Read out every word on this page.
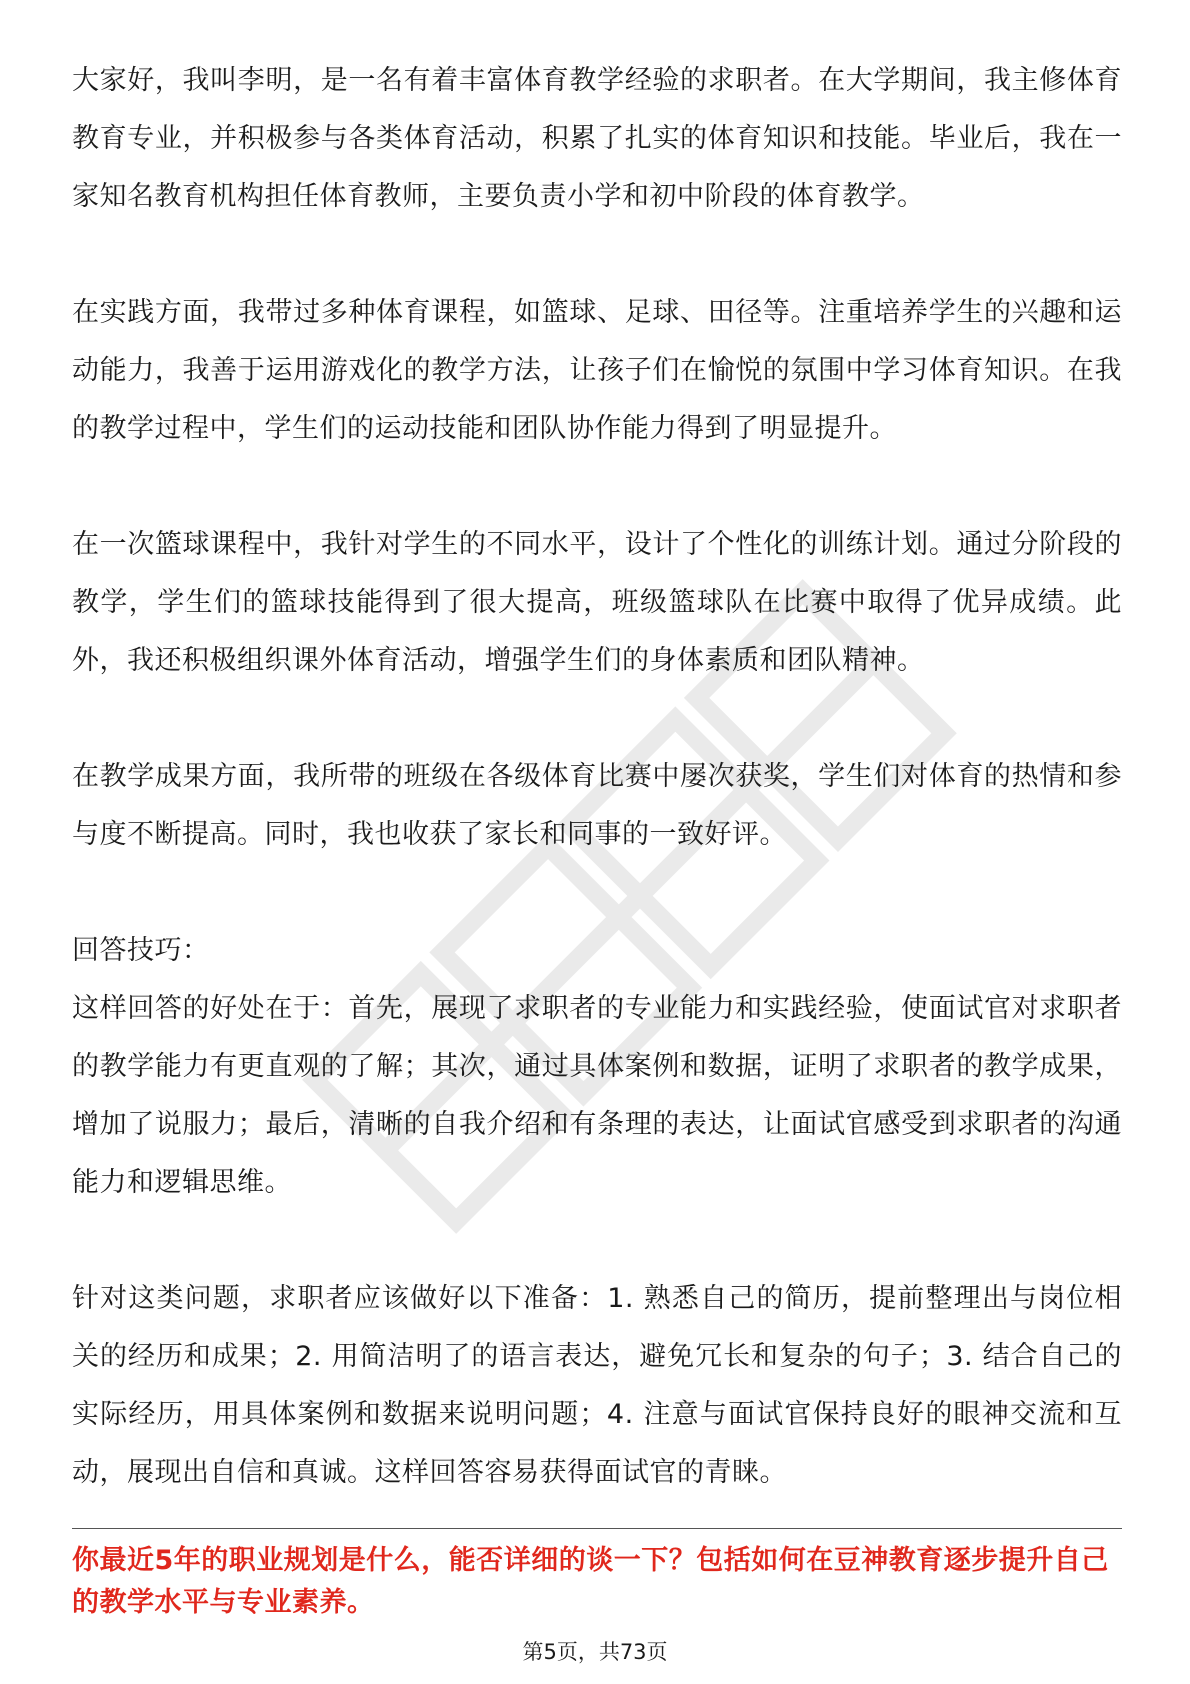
大家好，我叫李明，是一名有着丰富体育教学经验的求职者。在大学期间，我主修体育教育专业，并积极参与各类体育活动，积累了扎实的体育知识和技能。毕业后，我在一家知名教育机构担任体育教师，主要负责小学和初中阶段的体育教学。

在实践方面，我带过多种体育课程，如篮球、足球、田径等。注重培养学生的兴趣和运动能力，我善于运用游戏化的教学方法，让孩子们在愉悦的氛围中学习体育知识。在我的教学过程中，学生们的运动技能和团队协作能力得到了明显提升。

在一次篮球课程中，我针对学生的不同水平，设计了个性化的训练计划。通过分阶段的教学，学生们的篮球技能得到了很大提高，班级篮球队在比赛中取得了优异成绩。此外，我还积极组织课外体育活动，增强学生们的身体素质和团队精神。

在教学成果方面，我所带的班级在各级体育比赛中屡次获奖，学生们对体育的热情和参与度不断提高。同时，我也收获了家长和同事的一致好评。

回答技巧：

这样回答的好处在于：首先，展现了求职者的专业能力和实践经验，使面试官对求职者的教学能力有更直观的了解；其次，通过具体案例和数据，证明了求职者的教学成果，增加了说服力；最后，清晰的自我介绍和有条理的表达，让面试官感受到求职者的沟通能力和逻辑思维。

针对这类问题，求职者应该做好以下准备：1. 熟悉自己的简历，提前整理出与岗位相关的经历和成果；2. 用简洁明了的语言表达，避免冗长和复杂的句子；3. 结合自己的实际经历，用具体案例和数据来说明问题；4. 注意与面试官保持良好的眼神交流和互动，展现出自信和真诚。这样回答容易获得面试官的青睐。

你最近5年的职业规划是什么，能否详细的谈一下？包括如何在豆神教育逐步提升自己的教学水平与专业素养。
第5页，共73页
